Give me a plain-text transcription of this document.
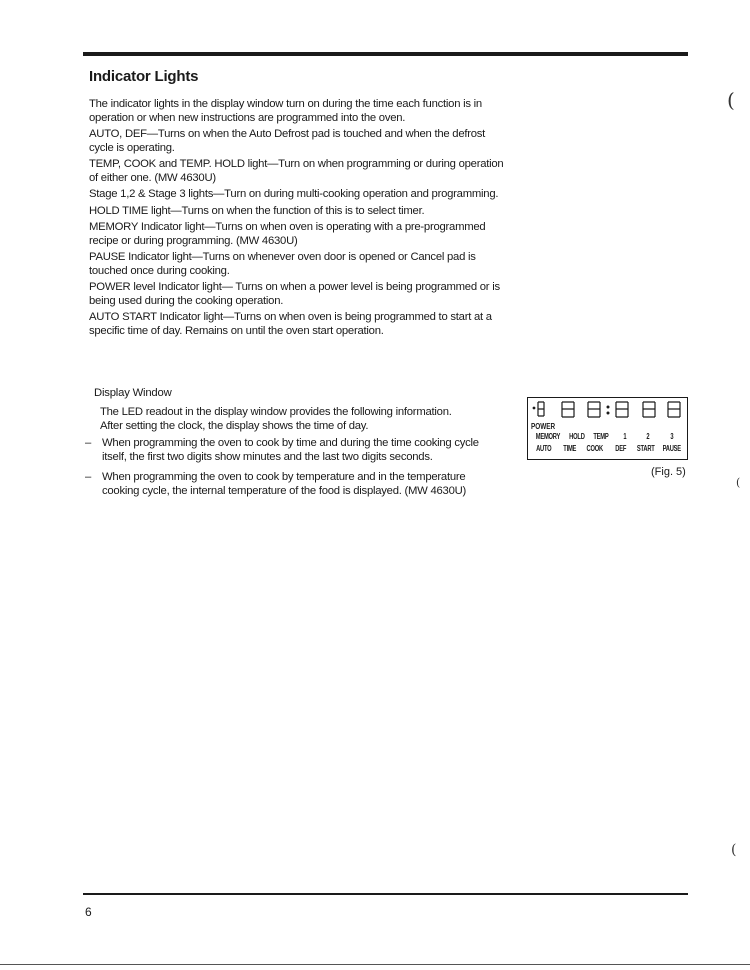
Indicator Lights

The indicator lights in the display window turn on during the time each function is in operation or when new instructions are programmed into the oven.

AUTO, DEF—Turns on when the Auto Defrost pad is touched and when the defrost cycle is operating.

TEMP, COOK and TEMP. HOLD light—Turn on when programming or during operation of either one. (MW 4630U)

Stage 1,2 & Stage 3 lights—Turn on during multi-cooking operation and programming.

HOLD TIME light—Turns on when the function of this is to select timer.

MEMORY Indicator light—Turns on when oven is operating with a pre-programmed recipe or during programming. (MW 4630U)

PAUSE Indicator light—Turns on whenever oven door is opened or Cancel pad is touched once during cooking.

POWER level Indicator light— Turns on when a power level is being programmed or is being used during the cooking operation.

AUTO START Indicator light—Turns on when oven is being programmed to start at a specific time of day. Remains on until the oven start operation.

Display Window

The LED readout in the display window provides the following information.

After setting the clock, the display shows the time of day.

– When programming the oven to cook by time and during the time cooking cycle itself, the first two digits show minutes and the last two digits seconds.
– When programming the oven to cook by temperature and in the temperature cooking cycle, the internal temperature of the food is displayed. (MW 4630U)
POWER
MEMORY HOLD TEMP	1	2	3
AUTO	TIME	COOK	DEF	START PAUSE
(Fig. 5)
(
(
(
6
